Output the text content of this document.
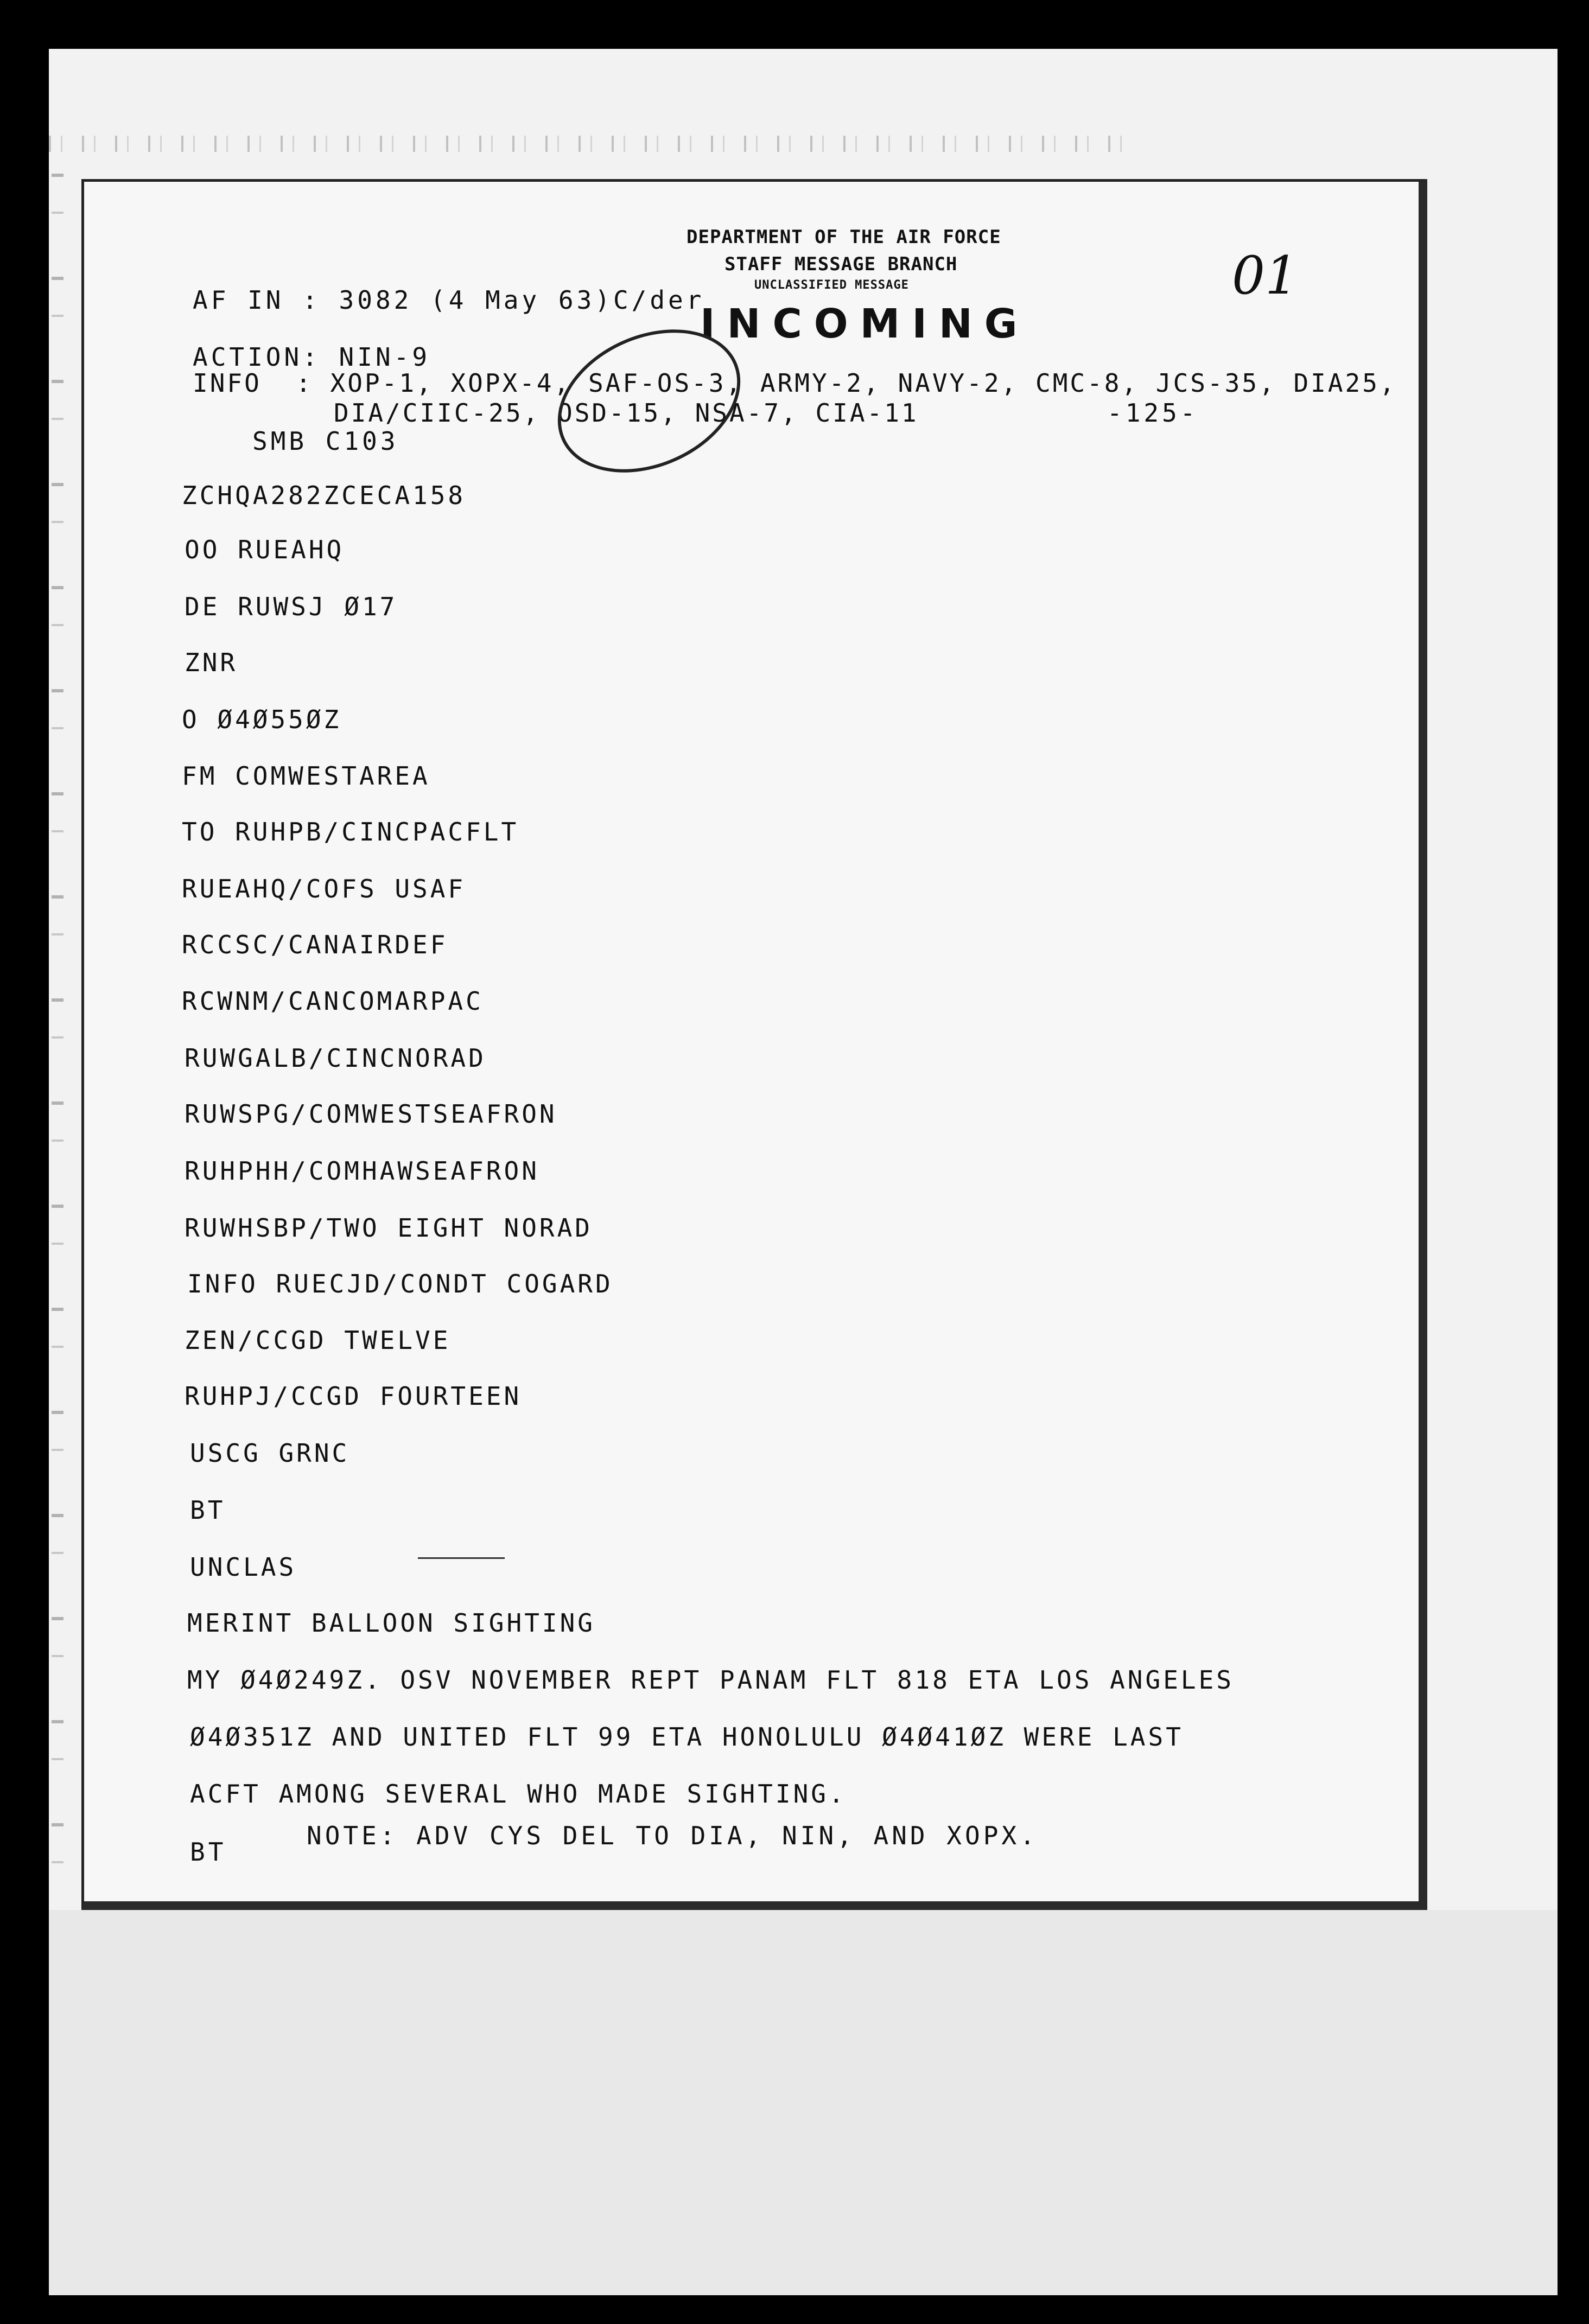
DEPARTMENT OF THE AIR FORCE
STAFF MESSAGE BRANCH
UNCLASSIFIED MESSAGE
INCOMING
01
AF IN : 3082 (4 May 63)C/der
ACTION: NIN-9
INFO  : XOP-1, XOPX-4, SAF-OS-3, ARMY-2, NAVY-2, CMC-8, JCS-35, DIA25,
DIA/CIIC-25, OSD-15, NSA-7, CIA-11	-125-
SMB C103
ZCHQA282ZCECA158
OO RUEAHQ
DE RUWSJ Ø17
ZNR
O Ø4Ø55ØZ
FM COMWESTAREA
TO RUHPB/CINCPACFLT
RUEAHQ/COFS USAF
RCCSC/CANAIRDEF
RCWNM/CANCOMARPAC
RUWGALB/CINCNORAD
RUWSPG/COMWESTSEAFRON
RUHPHH/COMHAWSEAFRON
RUWHSBP/TWO EIGHT NORAD
INFO RUECJD/CONDT COGARD
ZEN/CCGD TWELVE
RUHPJ/CCGD FOURTEEN
USCG GRNC
BT
UNCLAS
MERINT BALLOON SIGHTING
MY Ø4Ø249Z. OSV NOVEMBER REPT PANAM FLT 818 ETA LOS ANGELES
Ø4Ø351Z AND UNITED FLT 99 ETA HONOLULU Ø4Ø41ØZ WERE LAST
ACFT AMONG SEVERAL WHO MADE SIGHTING.
BT
NOTE: ADV CYS DEL TO DIA, NIN, AND XOPX.
